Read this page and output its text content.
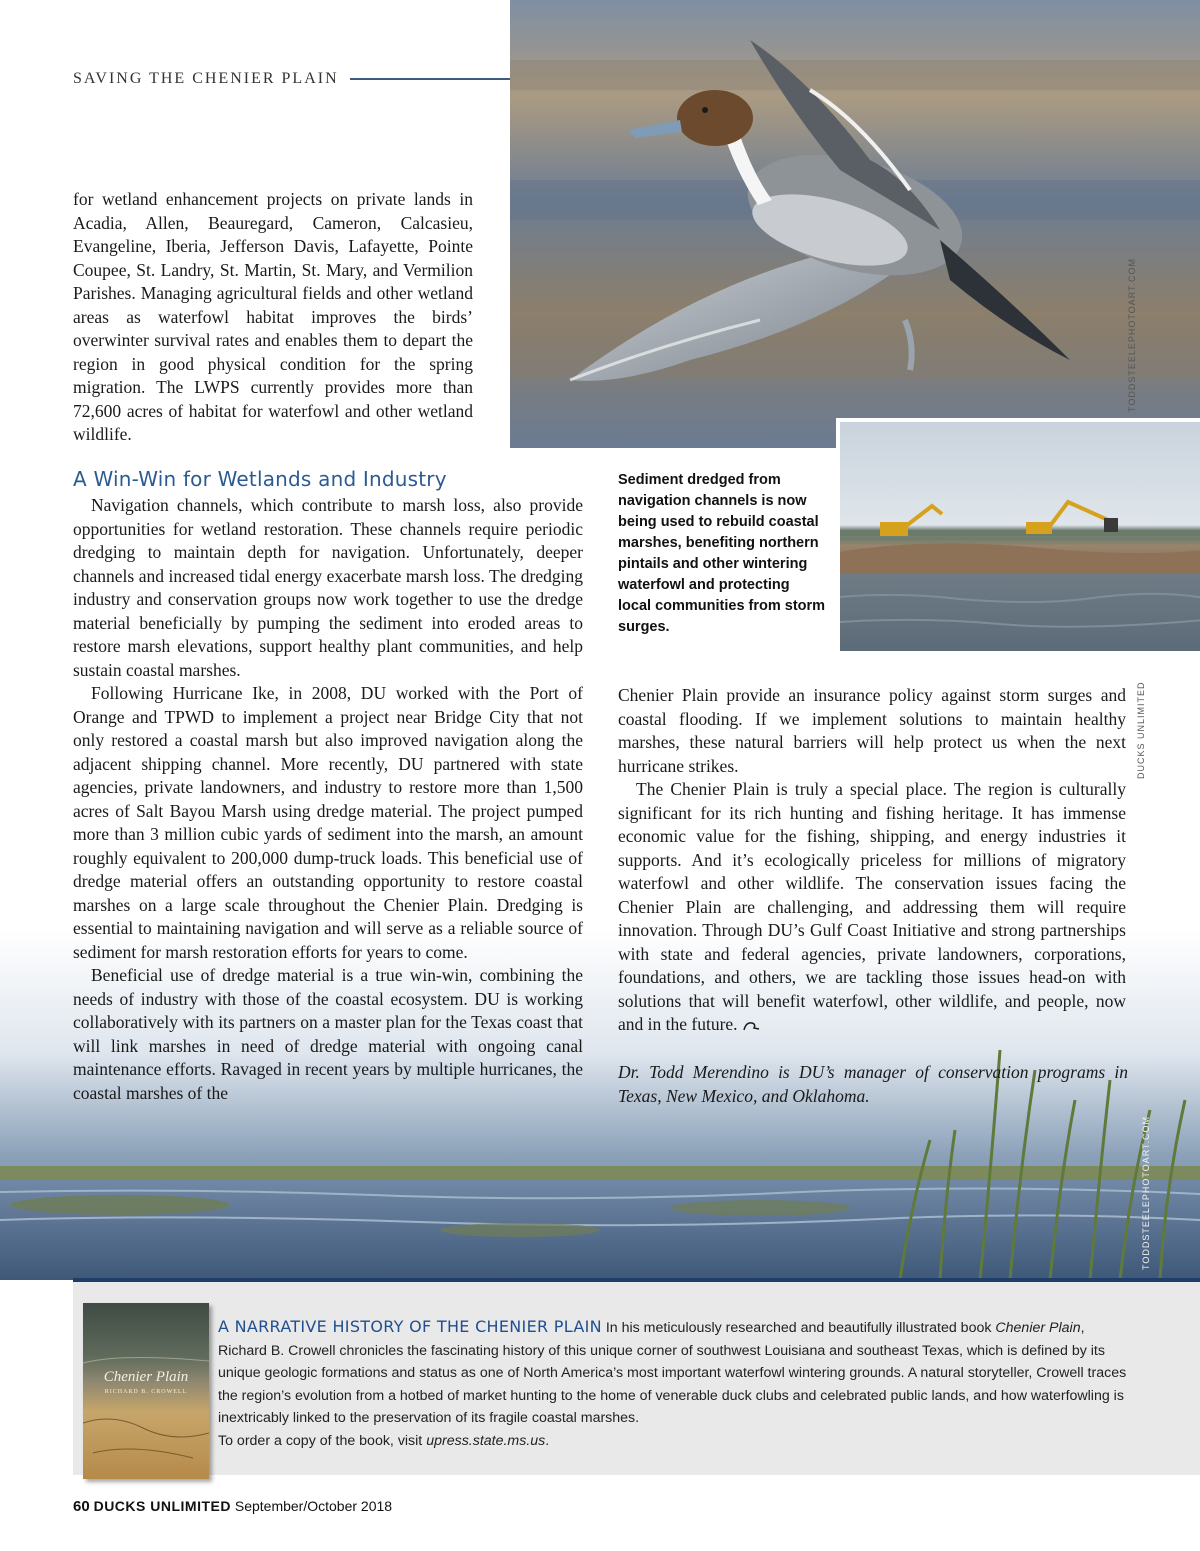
SAVING THE CHENIER PLAIN
TODDSTEELEPHOTOART.COM
DUCKS UNLIMITED
Sediment dredged from navigation channels is now being used to rebuild coastal marshes, benefiting northern pintails and other wintering waterfowl and protecting local communities from storm surges.
TODDSTEELEPHOTOART.COM

for wetland enhancement projects on private lands in Acadia, Allen, Beauregard, Cameron, Calcasieu, Evangeline, Iberia, Jefferson Davis, Lafayette, Pointe Coupee, St. Landry, St. Martin, St. Mary, and Vermilion Parishes. Managing agricultural fields and other wetland areas as waterfowl habitat improves the birds’ overwinter survival rates and enables them to depart the region in good physical condition for the spring migration. The LWPS currently provides more than 72,600 acres of habitat for waterfowl and other wetland wildlife.

A Win-Win for Wetlands and Industry

Navigation channels, which contribute to marsh loss, also provide opportunities for wetland restoration. These channels require periodic dredging to maintain depth for navigation. Unfortunately, deeper channels and increased tidal energy exacerbate marsh loss. The dredging industry and conservation groups now work together to use the dredge material beneficially by pumping the sediment into eroded areas to restore marsh elevations, support healthy plant communities, and help sustain coastal marshes.

Following Hurricane Ike, in 2008, DU worked with the Port of Orange and TPWD to implement a project near Bridge City that not only restored a coastal marsh but also improved navigation along the adjacent shipping channel. More recently, DU partnered with state agencies, private landowners, and industry to restore more than 1,500 acres of Salt Bayou Marsh using dredge material. The project pumped more than 3 million cubic yards of sediment into the marsh, an amount roughly equivalent to 200,000 dump-truck loads. This beneficial use of dredge material offers an outstanding opportunity to restore coastal marshes on a large scale throughout the Chenier Plain. Dredging is essential to maintaining navigation and will serve as a reliable source of sediment for marsh restoration efforts for years to come.

Beneficial use of dredge material is a true win-win, combining the needs of industry with those of the coastal ecosystem. DU is working collaboratively with its partners on a master plan for the Texas coast that will link marshes in need of dredge material with ongoing canal maintenance efforts. Ravaged in recent years by multiple hurricanes, the coastal marshes of the

Chenier Plain provide an insurance policy against storm surges and coastal flooding. If we implement solutions to maintain healthy marshes, these natural barriers will help protect us when the next hurricane strikes.

The Chenier Plain is truly a special place. The region is culturally significant for its rich hunting and fishing heritage. It has immense economic value for the fishing, shipping, and energy industries it supports. And it’s ecologically priceless for millions of migratory waterfowl and other wildlife. The conservation issues facing the Chenier Plain are challenging, and addressing them will require innovation. Through DU’s Gulf Coast Initiative and strong partnerships with state and federal agencies, private landowners, corporations, foundations, and others, we are tackling those issues head-on with solutions that will benefit waterfowl, other wildlife, and people, now and in the future.

Dr. Todd Merendino is DU’s manager of conservation programs in Texas, New Mexico, and Oklahoma.
Chenier Plain
RICHARD B. CROWELL
A NARRATIVE HISTORY OF THE CHENIER PLAIN In his meticulously researched and beautifully illustrated book Chenier Plain, Richard B. Crowell chronicles the fascinating history of this unique corner of southwest Louisiana and southeast Texas, which is defined by its unique geologic formations and status as one of North America’s most important waterfowl wintering grounds. A natural storyteller, Crowell traces the region’s evolution from a hotbed of market hunting to the home of venerable duck clubs and celebrated public lands, and how waterfowling is inextricably linked to the preservation of its fragile coastal marshes.
To order a copy of the book, visit upress.state.ms.us.
60 DUCKS UNLIMITED September/October 2018
